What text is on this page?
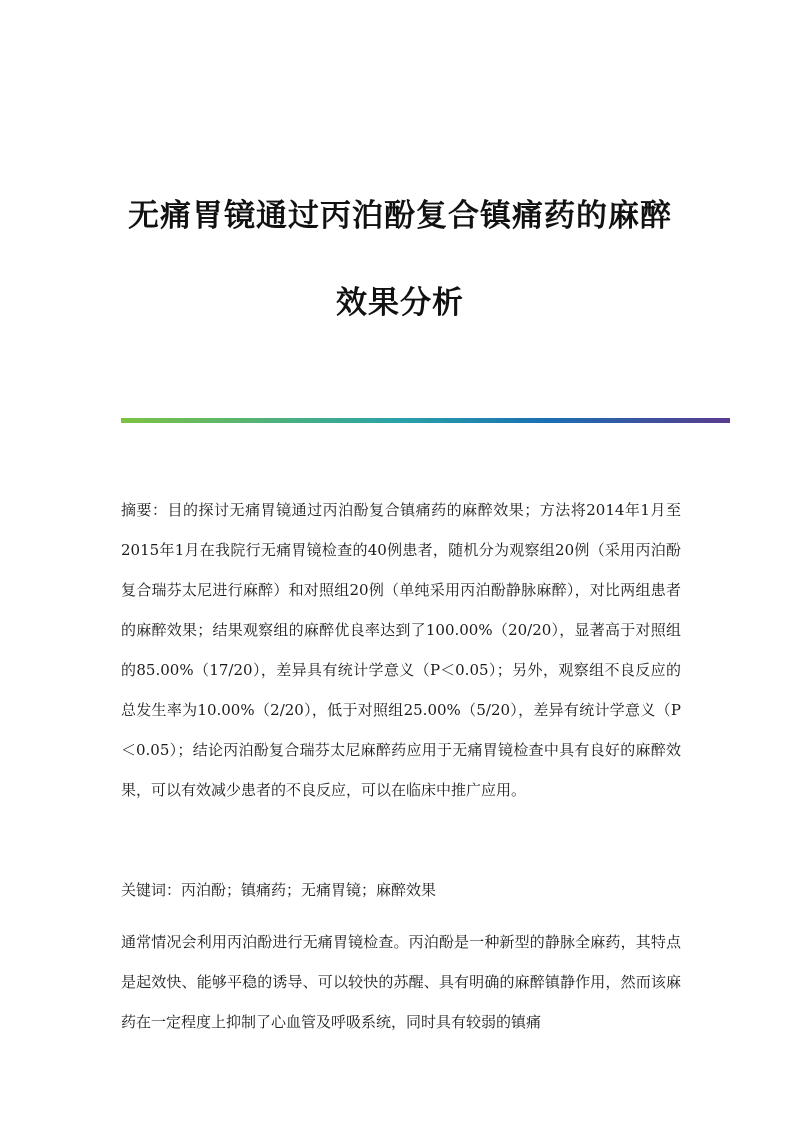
无痛胃镜通过丙泊酚复合镇痛药的麻醉
效果分析
摘要：目的探讨无痛胃镜通过丙泊酚复合镇痛药的麻醉效果；方法将2014年1月至2015年1月在我院行无痛胃镜检查的40例患者，随机分为观察组20例（采用丙泊酚复合瑞芬太尼进行麻醉）和对照组20例（单纯采用丙泊酚静脉麻醉），对比两组患者的麻醉效果；结果观察组的麻醉优良率达到了100.00%（20/20），显著高于对照组的85.00%（17/20），差异具有统计学意义（P＜0.05）；另外，观察组不良反应的总发生率为10.00%（2/20），低于对照组25.00%（5/20），差异有统计学意义（P＜0.05）；结论丙泊酚复合瑞芬太尼麻醉药应用于无痛胃镜检查中具有良好的麻醉效果，可以有效减少患者的不良反应，可以在临床中推广应用。
关键词：丙泊酚；镇痛药；无痛胃镜；麻醉效果
通常情况会利用丙泊酚进行无痛胃镜检查。丙泊酚是一种新型的静脉全麻药，其特点是起效快、能够平稳的诱导、可以较快的苏醒、具有明确的麻醉镇静作用，然而该麻药在一定程度上抑制了心血管及呼吸系统，同时具有较弱的镇痛
